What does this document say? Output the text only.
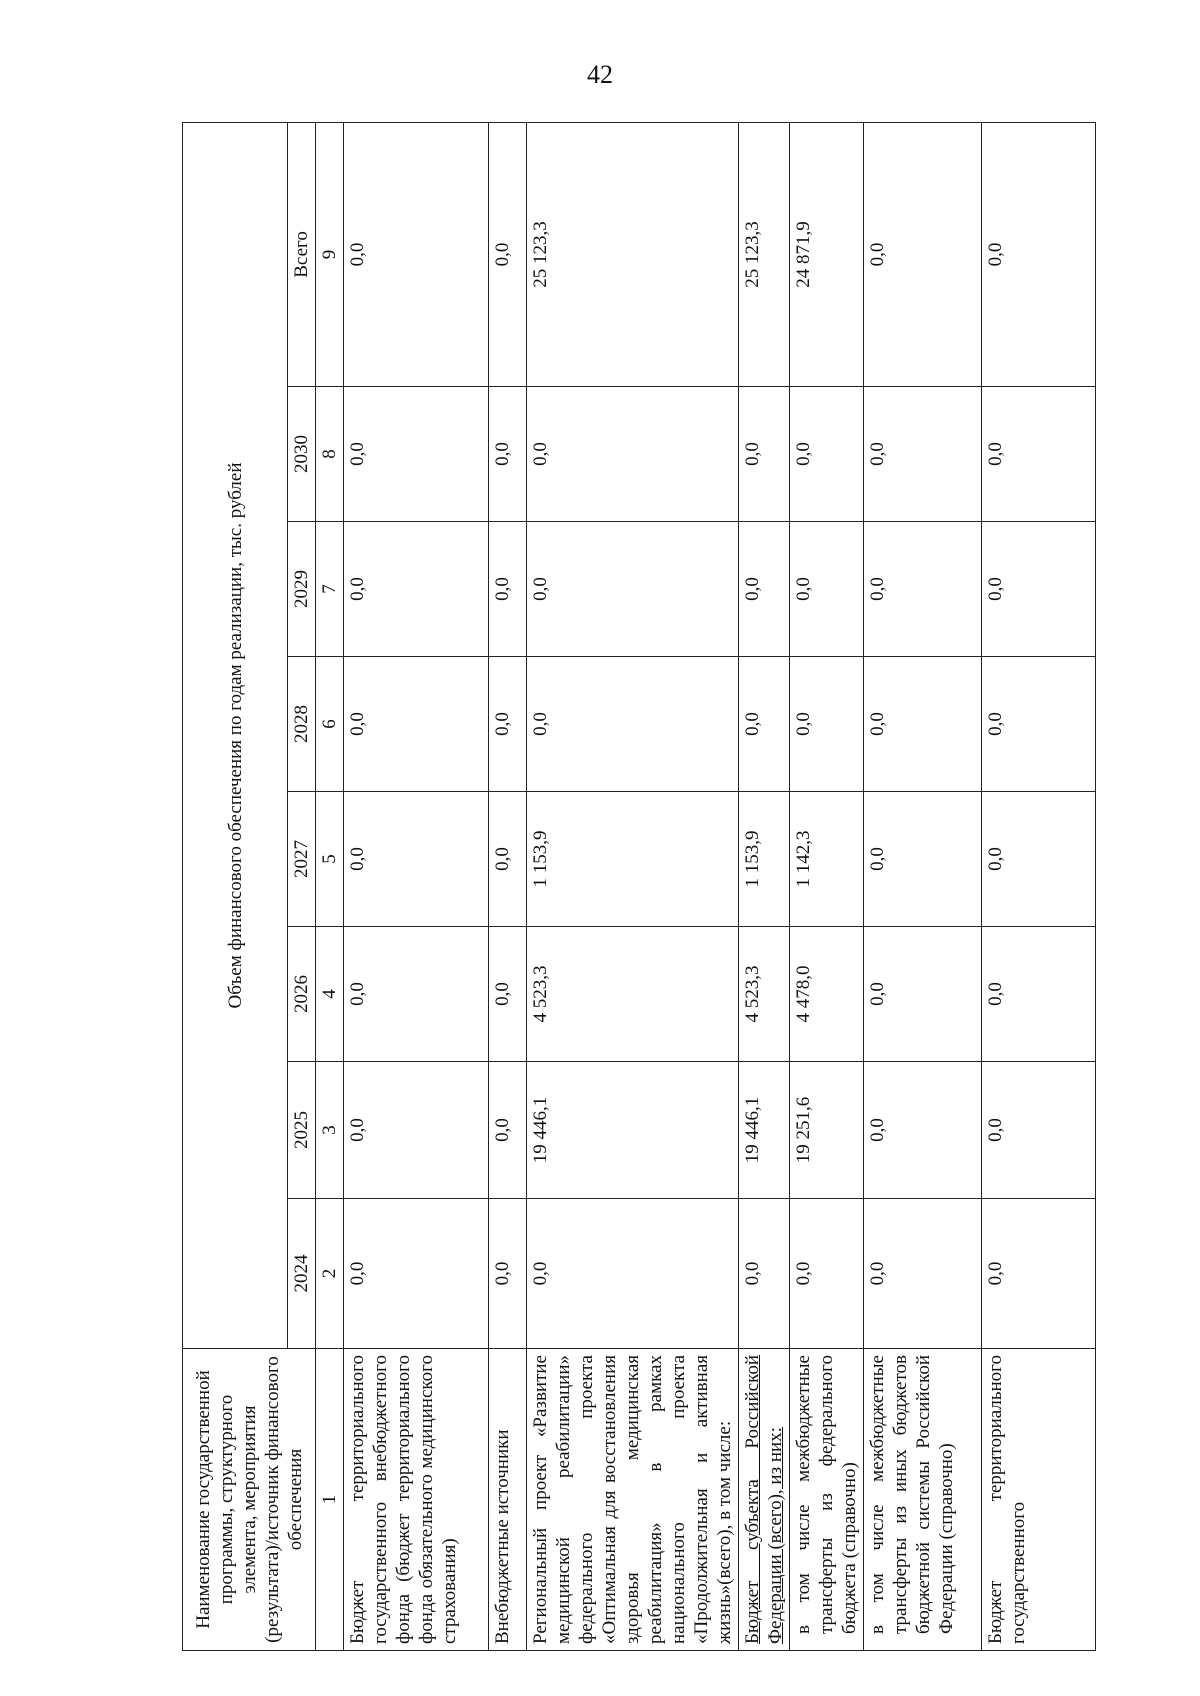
42
Наименование государственной программы, структурного элемента, мероприятия (результата)/источник финансового обеспечения	Объем финансового обеспечения по годам реализации, тыс. рублей							
	2024	2025	2026	2027	2028	2029	2030	Всего
1	2	3	4	5	6	7	8	9
Бюджет территориального государственного внебюджетного фонда (бюджет территориального фонда обязательного медицинского страхования)	0,0	0,0	0,0	0,0	0,0	0,0	0,0	0,0
Внебюджетные источники	0,0	0,0	0,0	0,0	0,0	0,0	0,0	0,0
Региональный проект «Развитие медицинской реабилитации» федерального проекта «Оптимальная для восстановления здоровья медицинская реабилитация» в рамках национального проекта «Продолжительная и активная жизнь»(всего), в том числе:	0,0	19 446,1	4 523,3	1 153,9	0,0	0,0	0,0	25 123,3
Бюджет субъекта Российской Федерации (всего), из них:	0,0	19 446,1	4 523,3	1 153,9	0,0	0,0	0,0	25 123,3
в том числе межбюджетные трансферты из федерального бюджета (справочно)	0,0	19 251,6	4 478,0	1 142,3	0,0	0,0	0,0	24 871,9
в том числе межбюджетные трансферты из иных бюджетов бюджетной системы Российской Федерации (справочно)	0,0	0,0	0,0	0,0	0,0	0,0	0,0	0,0
Бюджет территориального государственного	0,0	0,0	0,0	0,0	0,0	0,0	0,0	0,0
